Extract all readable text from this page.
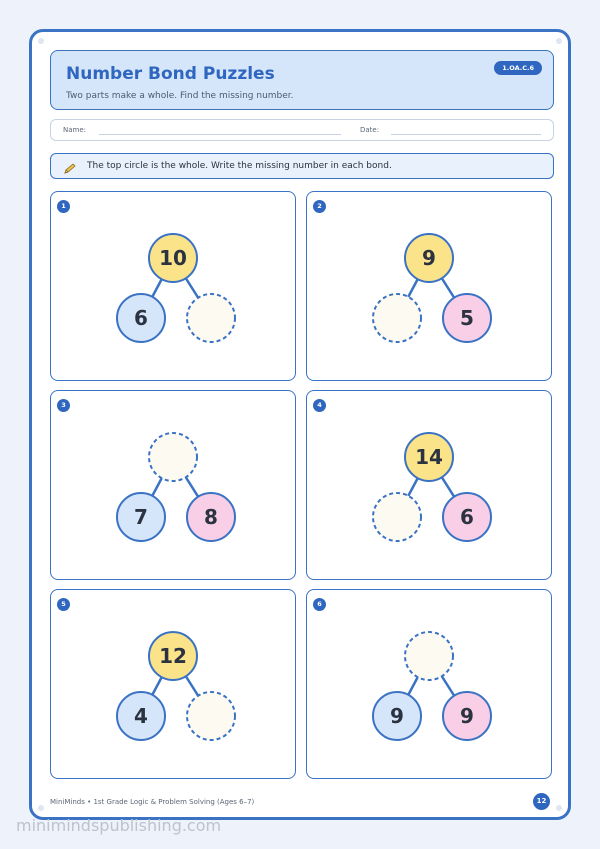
Number Bond Puzzles
Two parts make a whole. Find the missing number.
1.OA.C.6
Name:	Date:
The top circle is the whole. Write the missing number in each bond.
1
10
6
2
9
5
3
7	8
4
14
6
5
12
4
6
9	9
MiniMinds • 1st Grade Logic & Problem Solving (Ages 6–7)	12
minimindspublishing.com
